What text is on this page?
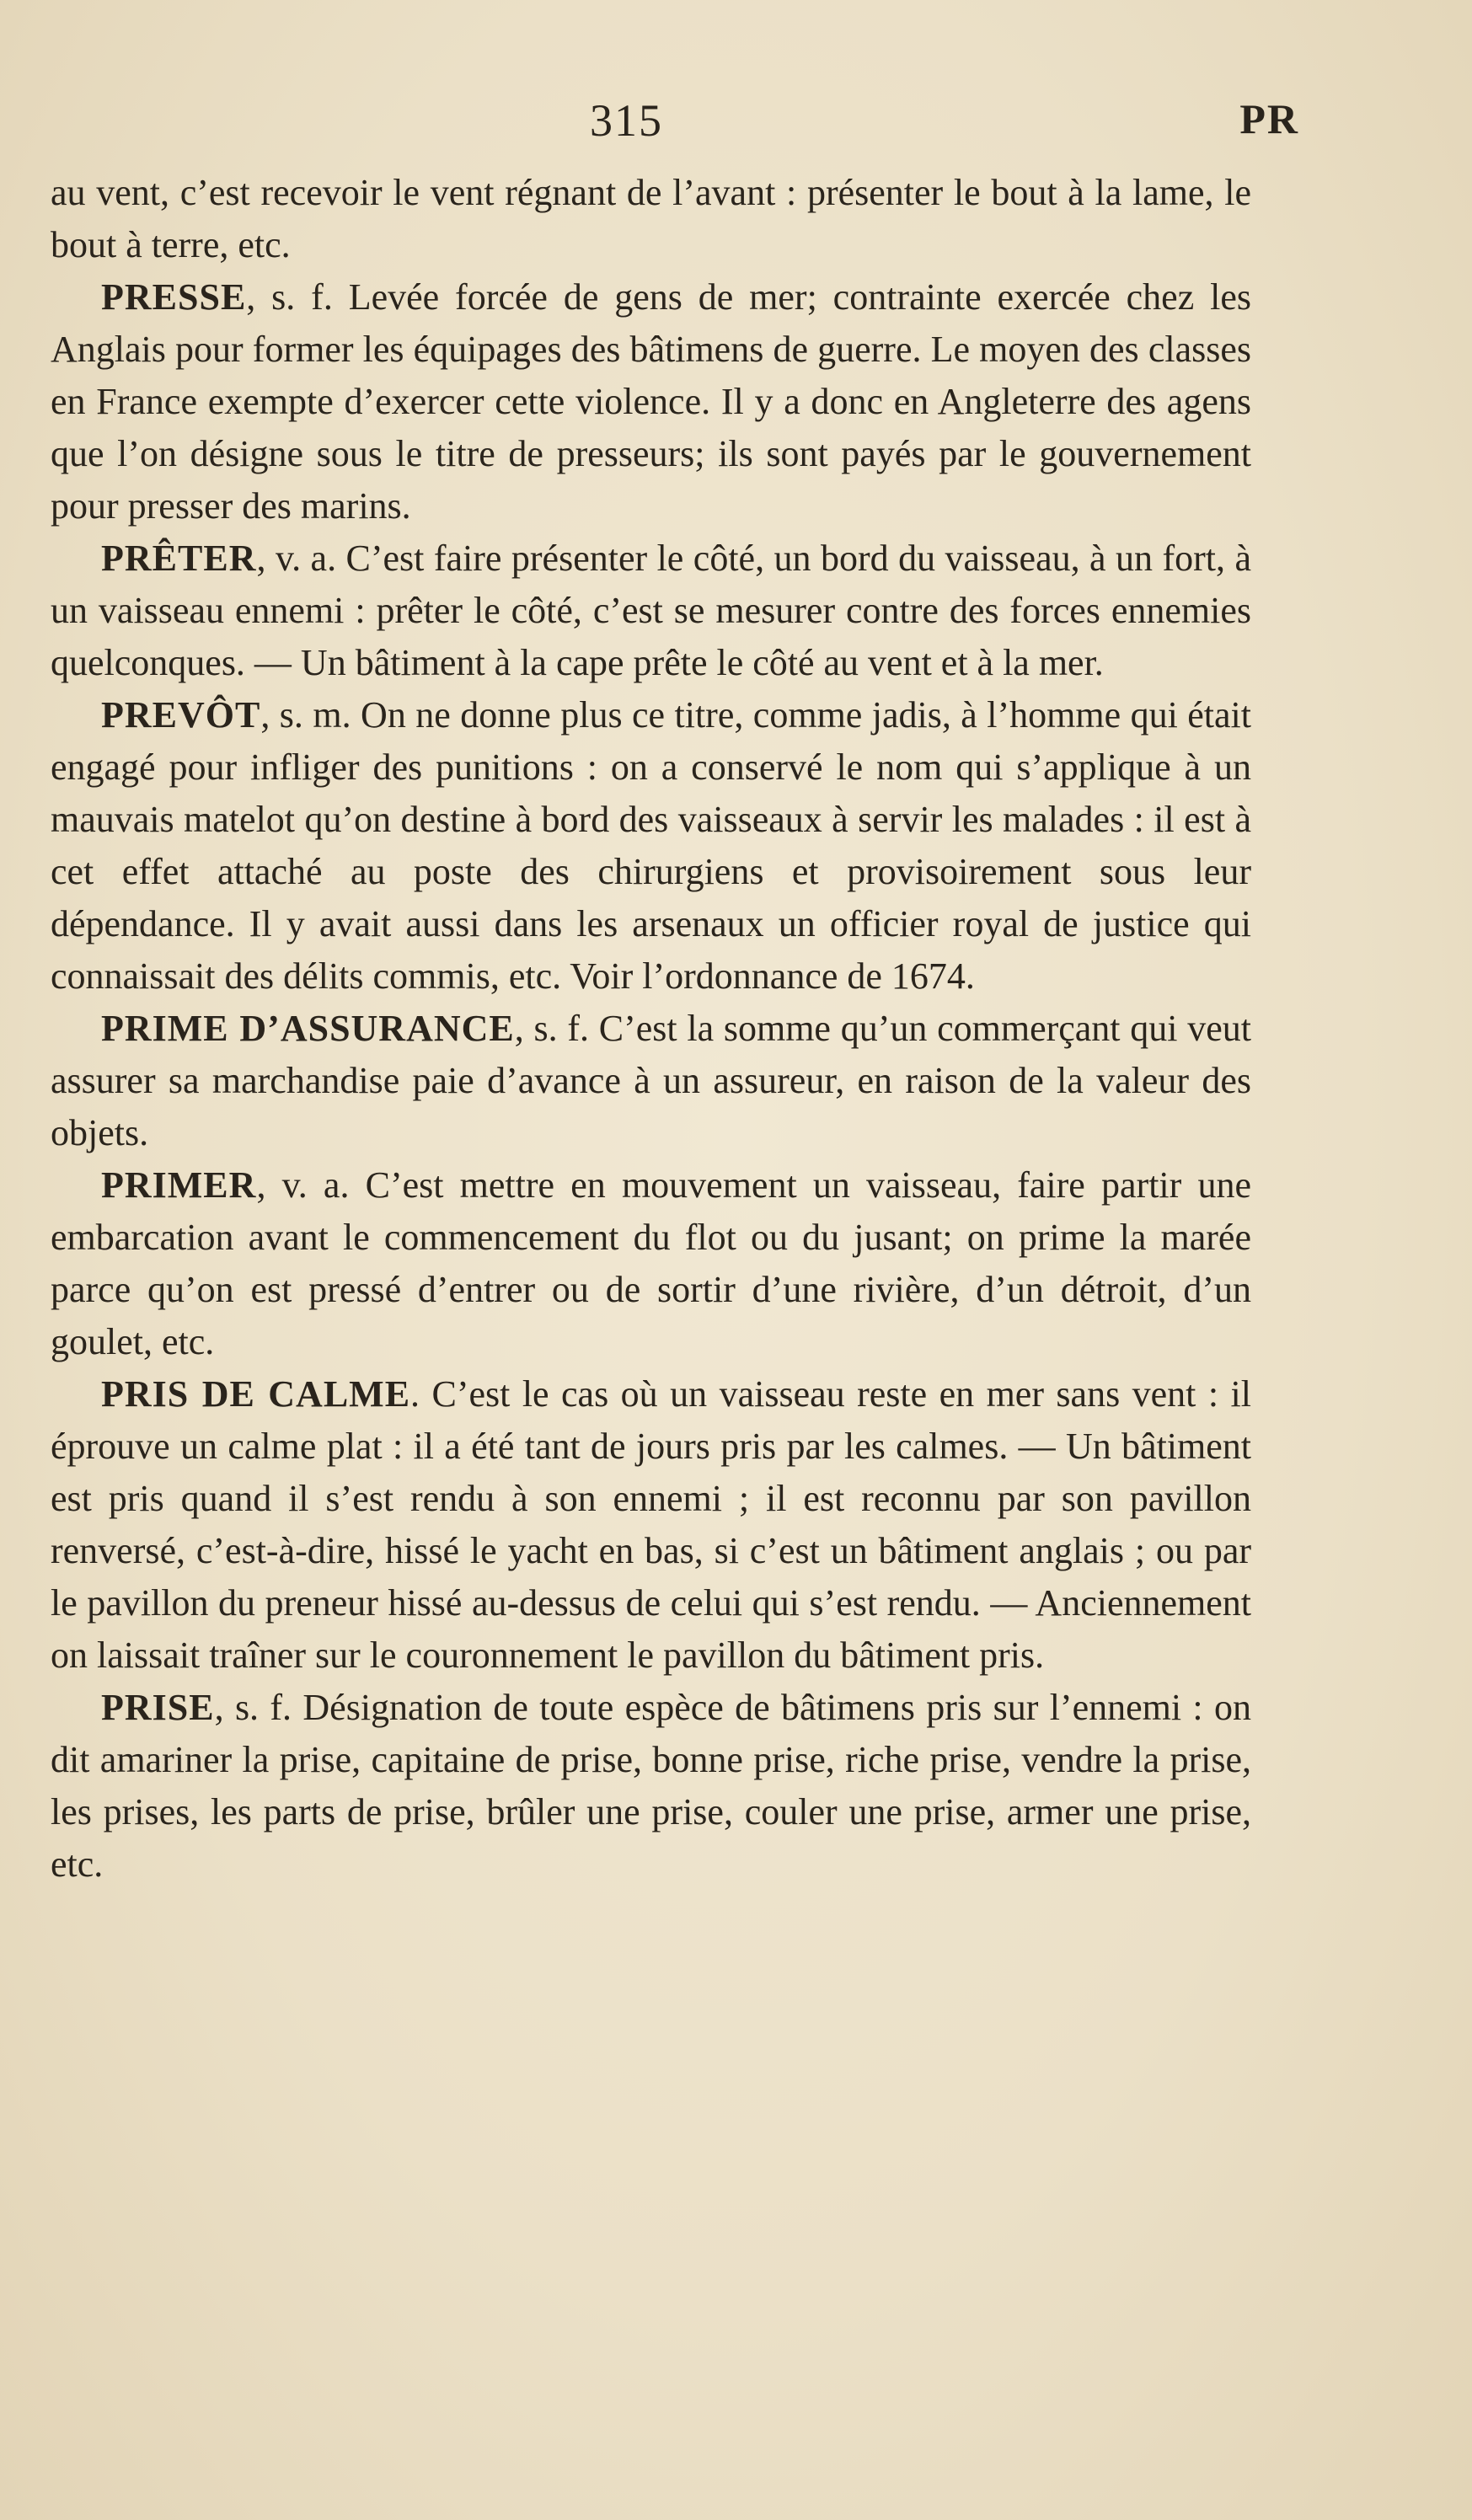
315	PR

au vent, c’est recevoir le vent régnant de l’avant : présenter le bout à la lame, le bout à terre, etc.

PRESSE, s. f. Levée forcée de gens de mer; contrainte exercée chez les Anglais pour former les équipages des bâtimens de guerre. Le moyen des classes en France exempte d’exercer cette violence. Il y a donc en Angleterre des agens que l’on désigne sous le titre de presseurs; ils sont payés par le gouvernement pour presser des marins.

PRÊTER, v. a. C’est faire présenter le côté, un bord du vaisseau, à un fort, à un vaisseau ennemi : prêter le côté, c’est se mesurer contre des forces ennemies quelconques. — Un bâtiment à la cape prête le côté au vent et à la mer.

PREVÔT, s. m. On ne donne plus ce titre, comme jadis, à l’homme qui était engagé pour infliger des punitions : on a conservé le nom qui s’applique à un mauvais matelot qu’on destine à bord des vaisseaux à servir les malades : il est à cet effet attaché au poste des chirurgiens et provisoirement sous leur dépendance. Il y avait aussi dans les arsenaux un officier royal de justice qui connaissait des délits commis, etc. Voir l’ordonnance de 1674.

PRIME D’ASSURANCE, s. f. C’est la somme qu’un commerçant qui veut assurer sa marchandise paie d’avance à un assureur, en raison de la valeur des objets.

PRIMER, v. a. C’est mettre en mouvement un vaisseau, faire partir une embarcation avant le commencement du flot ou du jusant; on prime la marée parce qu’on est pressé d’entrer ou de sortir d’une rivière, d’un détroit, d’un goulet, etc.

PRIS DE CALME. C’est le cas où un vaisseau reste en mer sans vent : il éprouve un calme plat : il a été tant de jours pris par les calmes. — Un bâtiment est pris quand il s’est rendu à son ennemi ; il est reconnu par son pavillon renversé, c’est-à-dire, hissé le yacht en bas, si c’est un bâtiment anglais ; ou par le pavillon du preneur hissé au-dessus de celui qui s’est rendu. — Anciennement on laissait traîner sur le couronnement le pavillon du bâtiment pris.

PRISE, s. f. Désignation de toute espèce de bâtimens pris sur l’ennemi : on dit amariner la prise, capitaine de prise, bonne prise, riche prise, vendre la prise, les prises, les parts de prise, brûler une prise, couler une prise, armer une prise, etc.
